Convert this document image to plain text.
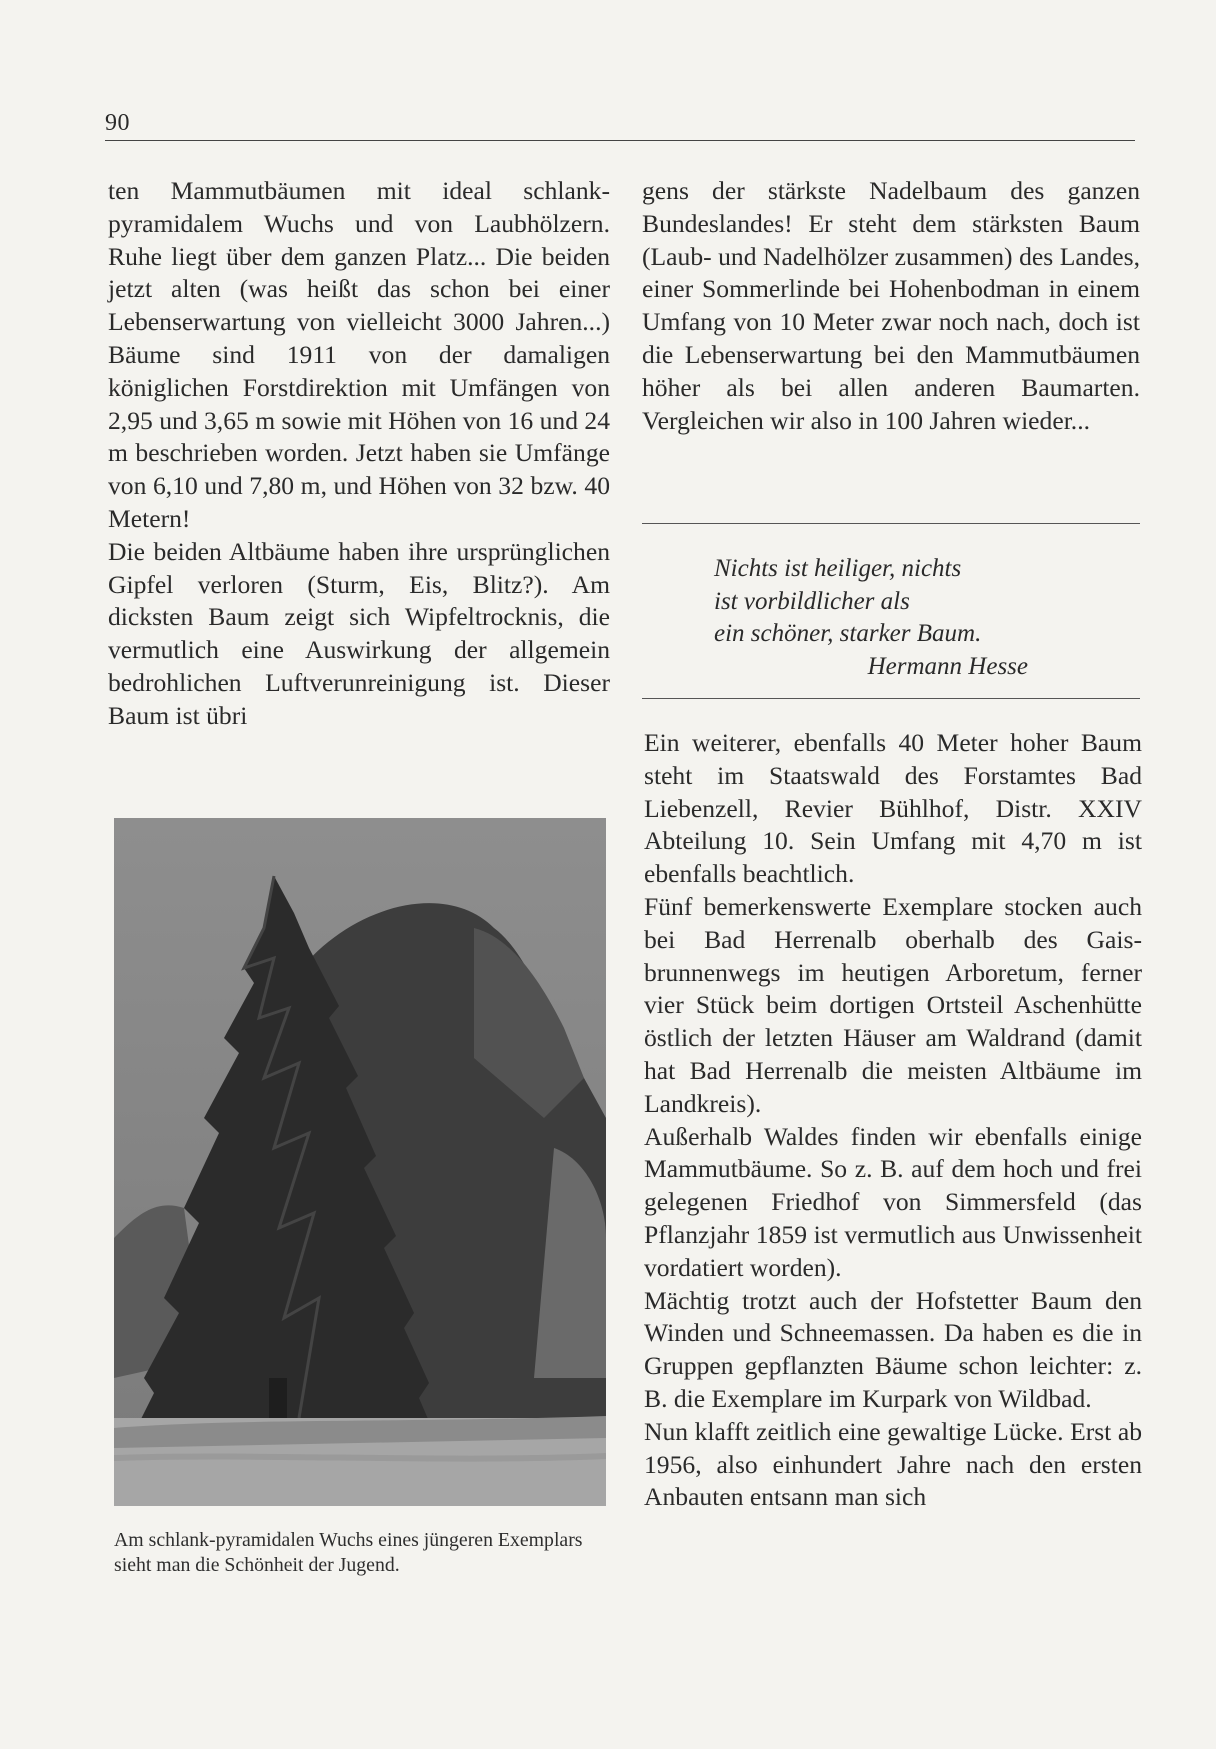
90

ten Mammutbäumen mit ideal schlank-pyramidalem Wuchs und von Laubhölzern. Ruhe liegt über dem ganzen Platz... Die beiden jetzt alten (was heißt das schon bei einer Lebenserwartung von vielleicht 3000 Jahren...) Bäume sind 1911 von der damaligen königlichen Forstdirektion mit Umfängen von 2,95 und 3,65 m sowie mit Höhen von 16 und 24 m beschrieben worden. Jetzt haben sie Umfänge von 6,10 und 7,80 m, und Höhen von 32 bzw. 40 Metern!

Die beiden Altbäume haben ihre ursprünglichen Gipfel verloren (Sturm, Eis, Blitz?). Am dicksten Baum zeigt sich Wipfeltrocknis, die vermutlich eine Auswirkung der allgemein bedrohlichen Luftverunreinigung ist. Dieser Baum ist übri

Am schlank-pyramidalen Wuchs eines jüngeren Exemplars sieht man die Schönheit der Jugend.

gens der stärkste Nadelbaum des ganzen Bundeslandes! Er steht dem stärksten Baum (Laub- und Nadelhölzer zusammen) des Landes, einer Sommerlinde bei Hohenbodman in einem Umfang von 10 Meter zwar noch nach, doch ist die Lebenserwartung bei den Mammutbäumen höher als bei allen anderen Baumarten. Vergleichen wir also in 100 Jahren wieder...

Nichts ist heiliger, nichts
ist vorbildlicher als
ein schöner, starker Baum.
Hermann Hesse

Ein weiterer, ebenfalls 40 Meter hoher Baum steht im Staatswald des Forstamtes Bad Liebenzell, Revier Bühlhof, Distr. XXIV Abteilung 10. Sein Umfang mit 4,70 m ist ebenfalls beachtlich.

Fünf bemerkenswerte Exemplare stocken auch bei Bad Herrenalb oberhalb des Gaisbrunnenwegs im heutigen Arboretum, ferner vier Stück beim dortigen Ortsteil Aschenhütte östlich der letzten Häuser am Waldrand (damit hat Bad Herrenalb die meisten Altbäume im Landkreis).

Außerhalb Waldes finden wir ebenfalls einige Mammutbäume. So z. B. auf dem hoch und frei gelegenen Friedhof von Simmersfeld (das Pflanzjahr 1859 ist vermutlich aus Unwissenheit vordatiert worden).

Mächtig trotzt auch der Hofstetter Baum den Winden und Schneemassen. Da haben es die in Gruppen gepflanzten Bäume schon leichter: z. B. die Exemplare im Kurpark von Wildbad.

Nun klafft zeitlich eine gewaltige Lücke. Erst ab 1956, also einhundert Jahre nach den ersten Anbauten entsann man sich
